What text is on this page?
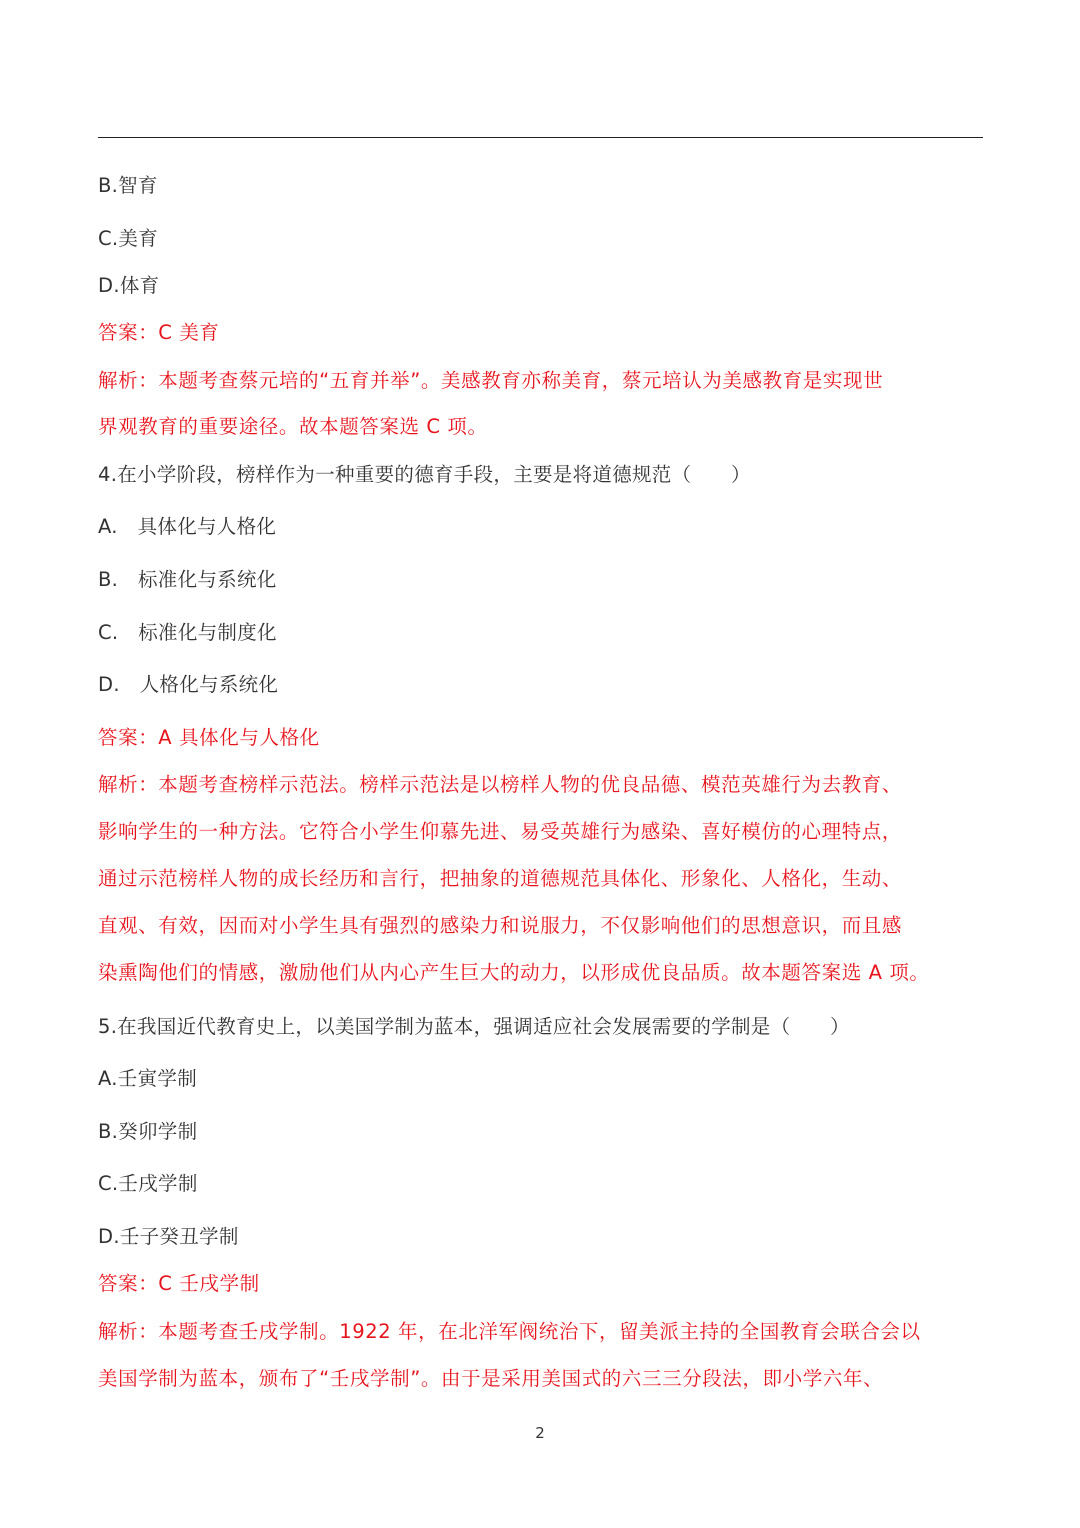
B.智育
C.美育
D.体育
答案：C 美育
解析：本题考查蔡元培的“五育并举”。美感教育亦称美育，蔡元培认为美感教育是实现世
界观教育的重要途径。故本题答案选 C 项。
4.在小学阶段，榜样作为一种重要的德育手段，主要是将道德规范（　　）
A.　具体化与人格化
B.　标准化与系统化
C.　标准化与制度化
D.　人格化与系统化
答案：A 具体化与人格化
解析：本题考查榜样示范法。榜样示范法是以榜样人物的优良品德、模范英雄行为去教育、
影响学生的一种方法。它符合小学生仰慕先进、易受英雄行为感染、喜好模仿的心理特点，
通过示范榜样人物的成长经历和言行，把抽象的道德规范具体化、形象化、人格化，生动、
直观、有效，因而对小学生具有强烈的感染力和说服力，不仅影响他们的思想意识，而且感
染熏陶他们的情感，激励他们从内心产生巨大的动力，以形成优良品质。故本题答案选 A 项。
5.在我国近代教育史上，以美国学制为蓝本，强调适应社会发展需要的学制是（　　）
A.壬寅学制
B.癸卯学制
C.壬戌学制
D.壬子癸丑学制
答案：C 壬戌学制
解析：本题考查壬戌学制。1922 年，在北洋军阀统治下，留美派主持的全国教育会联合会以
美国学制为蓝本，颁布了“壬戌学制”。由于是采用美国式的六三三分段法，即小学六年、
2
